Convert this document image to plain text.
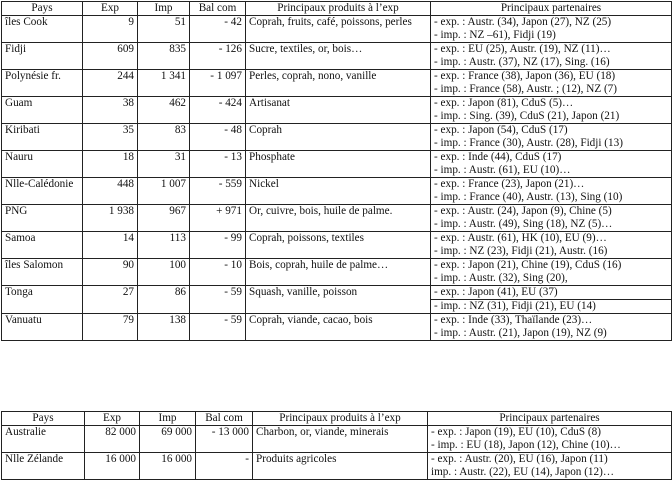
Pays	Exp	Imp	Bal com	Principaux produits à l’exp	Principaux partenaires
îles Cook	9	51	- 42	Coprah, fruits, café, poissons, perles	- exp. : Austr. (34), Japon (27), NZ (25)
- imp. : NZ –61), Fidji (19)

Fidji	609	835	- 126	Sucre, textiles, or, bois…	- exp. : EU (25), Austr. (19), NZ (11)…
- imp. : Austr. (37), NZ (17), Sing. (16)

Polynésie fr.	244	1 341	- 1 097	Perles, coprah, nono, vanille	- exp. : France (38), Japon (36), EU (18)
- imp. : France (58), Austr. ; (12), NZ (7)

Guam	38	462	- 424	Artisanat	- exp. : Japon (81), CduS (5)…
- imp. : Sing. (39), CduS (21), Japon (21)

Kiribati	35	83	- 48	Coprah	- exp. : Japon (54), CduS (17)
- imp. : France (30), Austr. (28), Fidji (13)

Nauru	18	31	- 13	Phosphate	- exp. : Inde (44), CduS (17)
- imp. : Austr. (61), EU (10)…

Nlle-Calédonie	448	1 007	- 559	Nickel	- exp. : France (23), Japon (21)…
- imp. : France (40), Austr. (13), Sing (10)

PNG	1 938	967	+ 971	Or, cuivre, bois, huile de palme.	- exp. : Austr. (24), Japon (9), Chine (5)
- imp. : Austr. (49), Sing (18), NZ (5)…

Samoa	14	113	- 99	Coprah, poissons, textiles	- exp. : Austr. (61), HK (10), EU (9)…
- imp. : NZ (23), Fidji (21), Austr. (16)

îles Salomon	90	100	- 10	Bois, coprah, huile de palme…	- exp. : Japon (21), Chine (19), CduS (16)
- imp. : Austr. (32), Sing (20),

Tonga	27	86	- 59	Squash, vanille, poisson	- exp. : Japon (41), EU (37)
					- imp. : NZ (31), Fidji (21), EU (14)
Vanuatu	79	138	- 59	Coprah, viande, cacao, bois	- exp. : Inde (33), Thaïlande (23)…
- imp. : Austr. (21), Japon (19), NZ (9)
Pays	Exp	Imp	Bal com	Principaux produits à l’exp	Principaux partenaires
Australie	82 000	69 000	- 13 000	Charbon, or, viande, minerais	- exp. : Japon (19), EU (10), CduS (8)
- imp. : EU (18), Japon (12), Chine (10)…

Nlle Zélande	16 000	16 000	-	Produits agricoles	- exp. : Austr. (20), EU (16), Japon (11)
imp. : Austr. (22), EU (14), Japon (12)…
